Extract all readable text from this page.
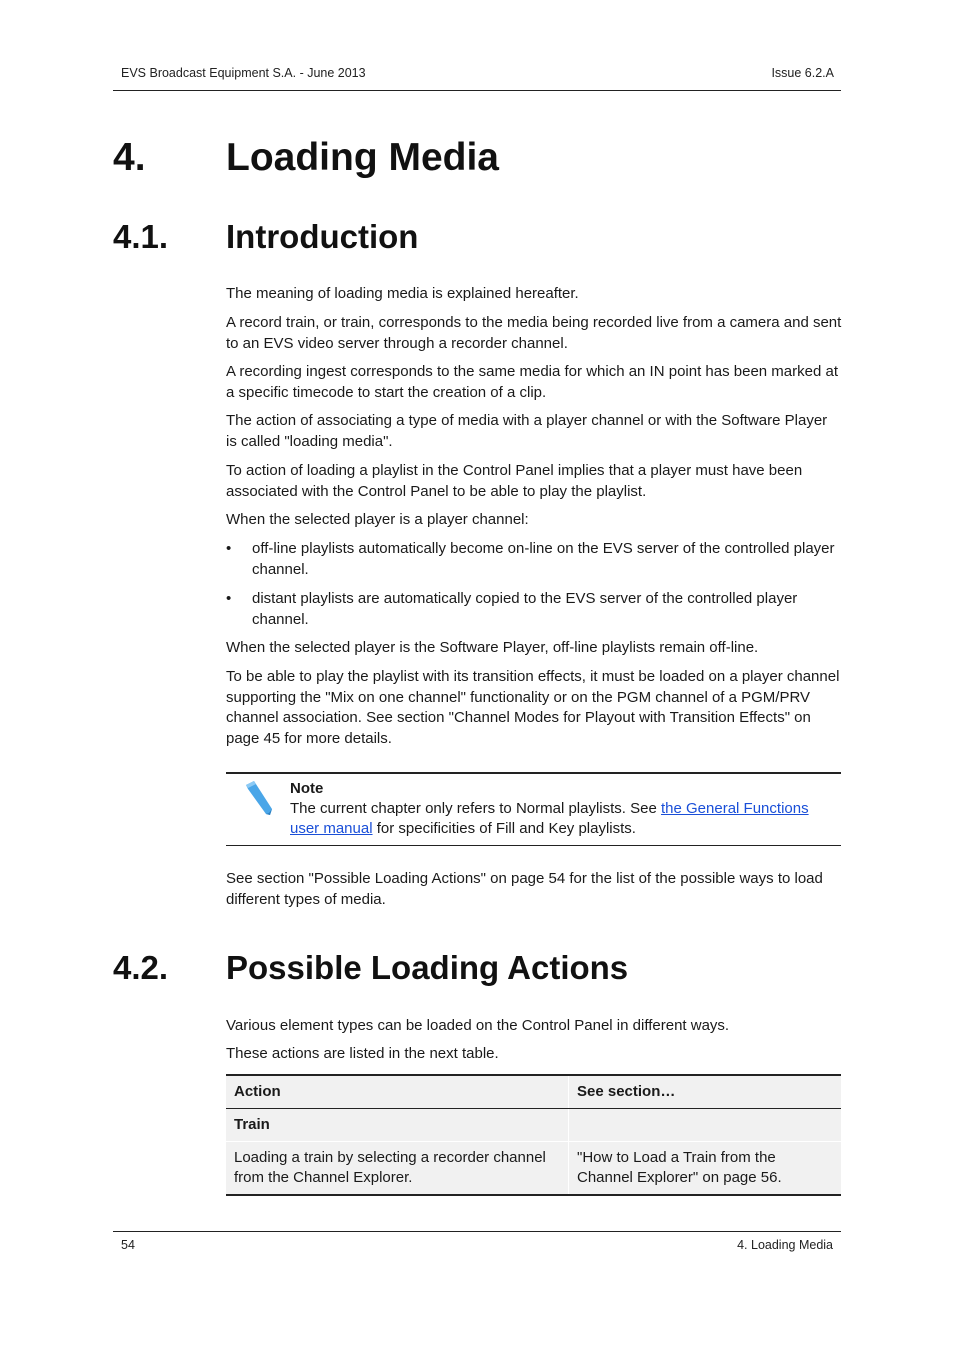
EVS Broadcast Equipment S.A. - June 2013	Issue 6.2.A
4. Loading Media
4.1. Introduction

The meaning of loading media is explained hereafter.

A record train, or train, corresponds to the media being recorded live from a camera and sent to an EVS video server through a recorder channel.

A recording ingest corresponds to the same media for which an IN point has been marked at a specific timecode to start the creation of a clip.

The action of associating a type of media with a player channel or with the Software Player is called "loading media".

To action of loading a playlist in the Control Panel implies that a player must have been associated with the Control Panel to be able to play the playlist.

When the selected player is a player channel:

• off-line playlists automatically become on-line on the EVS server of the controlled player channel.
• distant playlists are automatically copied to the EVS server of the controlled player channel.

When the selected player is the Software Player, off-line playlists remain off-line.

To be able to play the playlist with its transition effects, it must be loaded on a player channel supporting the "Mix on one channel" functionality or on the PGM channel of a PGM/PRV channel association. See section "Channel Modes for Playout with Transition Effects" on page 45 for more details.

Note
The current chapter only refers to Normal playlists. See the General Functions user manual for specificities of Fill and Key playlists.

See section "Possible Loading Actions" on page 54 for the list of the possible ways to load different types of media.

4.2. Possible Loading Actions

Various element types can be loaded on the Control Panel in different ways.

These actions are listed in the next table.

Action	See section…
Train	
Loading a train by selecting a recorder channel from the Channel Explorer.	"How to Load a Train from the Channel Explorer" on page 56.
54	4. Loading Media
